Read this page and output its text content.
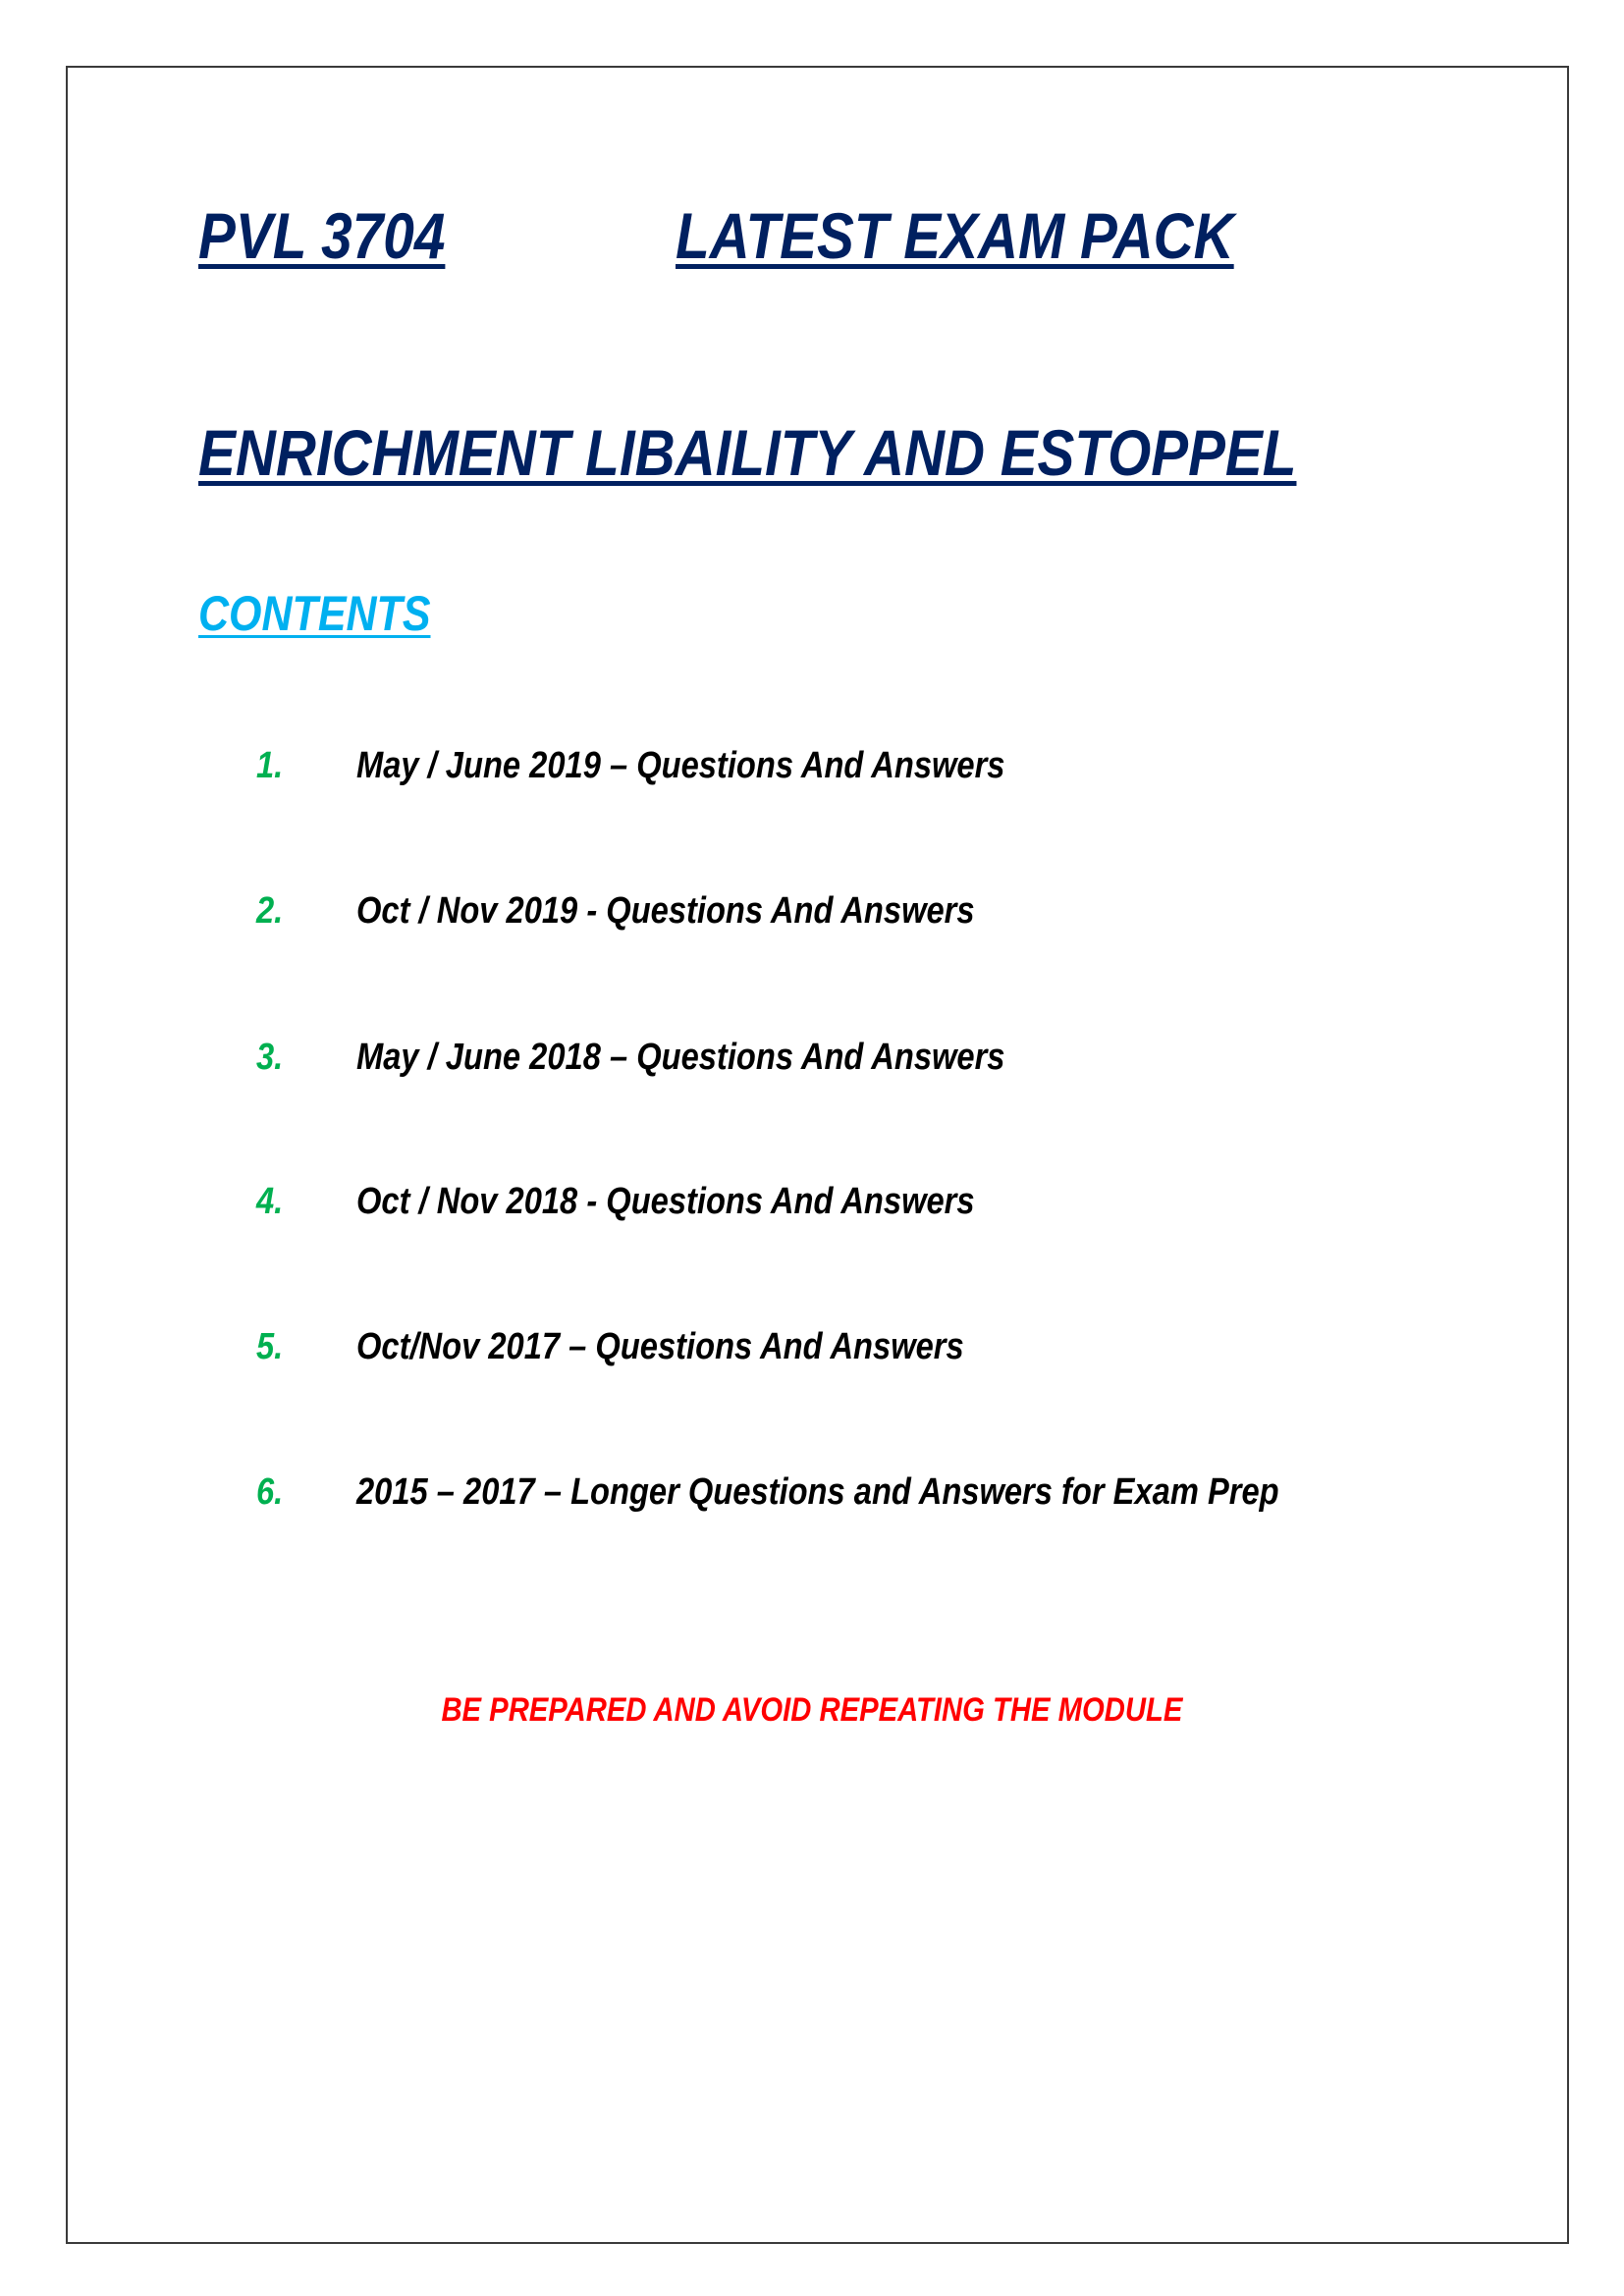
PVL 3704	LATEST EXAM PACK
ENRICHMENT LIBAILITY AND ESTOPPEL
CONTENTS
1. May / June 2019 – Questions And Answers
2. Oct / Nov 2019 - Questions And Answers
3. May / June 2018 – Questions And Answers
4. Oct / Nov 2018 - Questions And Answers
5. Oct/Nov 2017 – Questions And Answers
6. 2015 – 2017 – Longer Questions and Answers for Exam Prep
BE PREPARED AND AVOID REPEATING THE MODULE
